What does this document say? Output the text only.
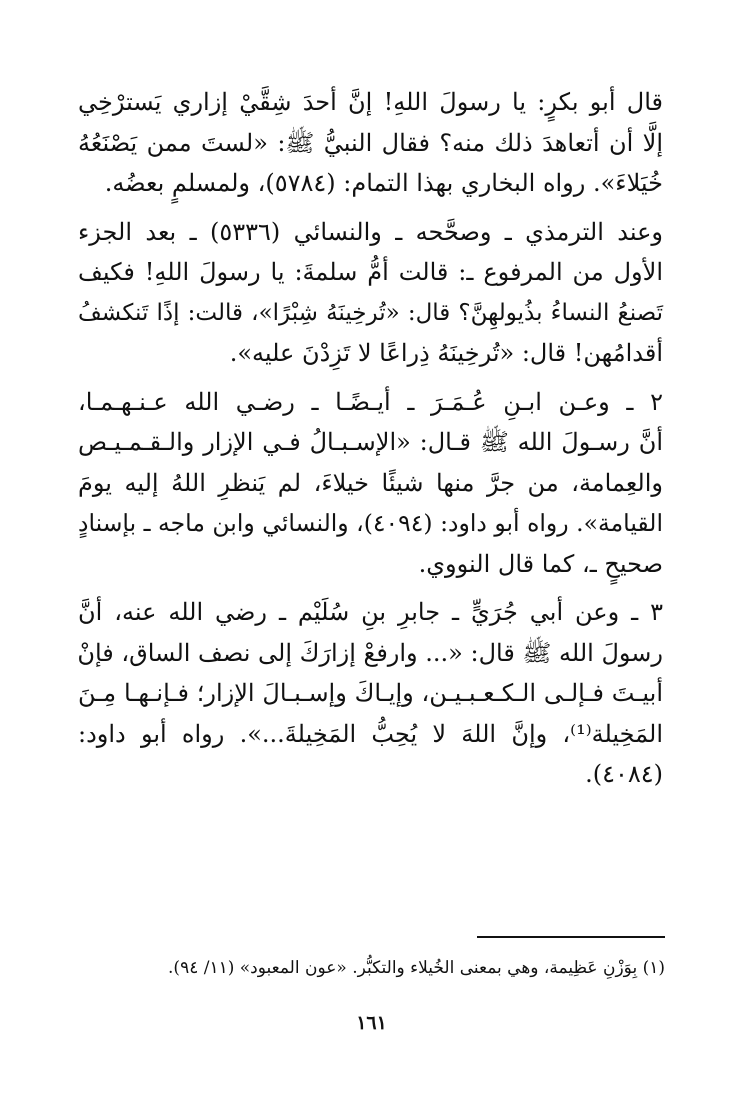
قال أبو بكرٍ: يا رسولَ اللهِ! إنَّ أحدَ شِقَّيْ إزاري يَسترْخِي
إلَّا أن أتعاهدَ ذلك منه؟ فقال النبيُّ ﷺ: «لستَ ممن يَصْنَعُهُ
خُيَلاءَ». رواه البخاري بهذا التمام: (٥٧٨٤)، ولمسلمٍ بعضُه.
وعند الترمذي ـ وصحَّحه ـ والنسائي (٥٣٣٦) ـ بعد الجزء
الأول من المرفوع ـ: قالت أمُّ سلمةَ: يا رسولَ اللهِ! فكيف
تَصنعُ النساءُ بذُيولهِنَّ؟ قال: «تُرخِينَهُ شِبْرًا»، قالت: إذًا تَنكشفُ
أقدامُهن! قال: «تُرخِينَهُ ذِراعًا لا تَزِدْنَ عليه».
٢ ـ وعـن ابـنِ عُـمَـرَ ـ أيـضًـا ـ رضـي الله عـنـهـمـا،
أنَّ رسـولَ الله ﷺ قـال: «الإسـبـالُ فـي الإزار والـقـمـيـص
والعِمامة، من جرَّ منها شيئًا خيلاءَ، لم يَنظرِ اللهُ إليه يومَ
القيامة». رواه أبو داود: (٤٠٩٤)، والنسائي وابن ماجه ـ بإسنادٍ
صحيحٍ ـ، كما قال النووي.
٣ ـ وعن أبي جُرَيٍّ ـ جابرِ بنِ سُلَيْم ـ رضي الله عنه، أنَّ
رسولَ الله ﷺ قال: «... وارفعْ إزارَكَ إلى نصف الساق، فإنْ
أبيـتَ فـإلـى الـكـعـبـيـن، وإيـاكَ وإسـبـالَ الإزار؛ فـإنـهـا مِـنَ
المَخِيلة⁽¹⁾، وإنَّ اللهَ لا يُحِبُّ المَخِيلةَ...». رواه أبو داود:
(٤٠٨٤).
(١) بِوَزْنِ عَظِيمة، وهي بمعنى الخُيلاء والتكبُّر. «عون المعبود» (١١/ ٩٤).
١٦١
